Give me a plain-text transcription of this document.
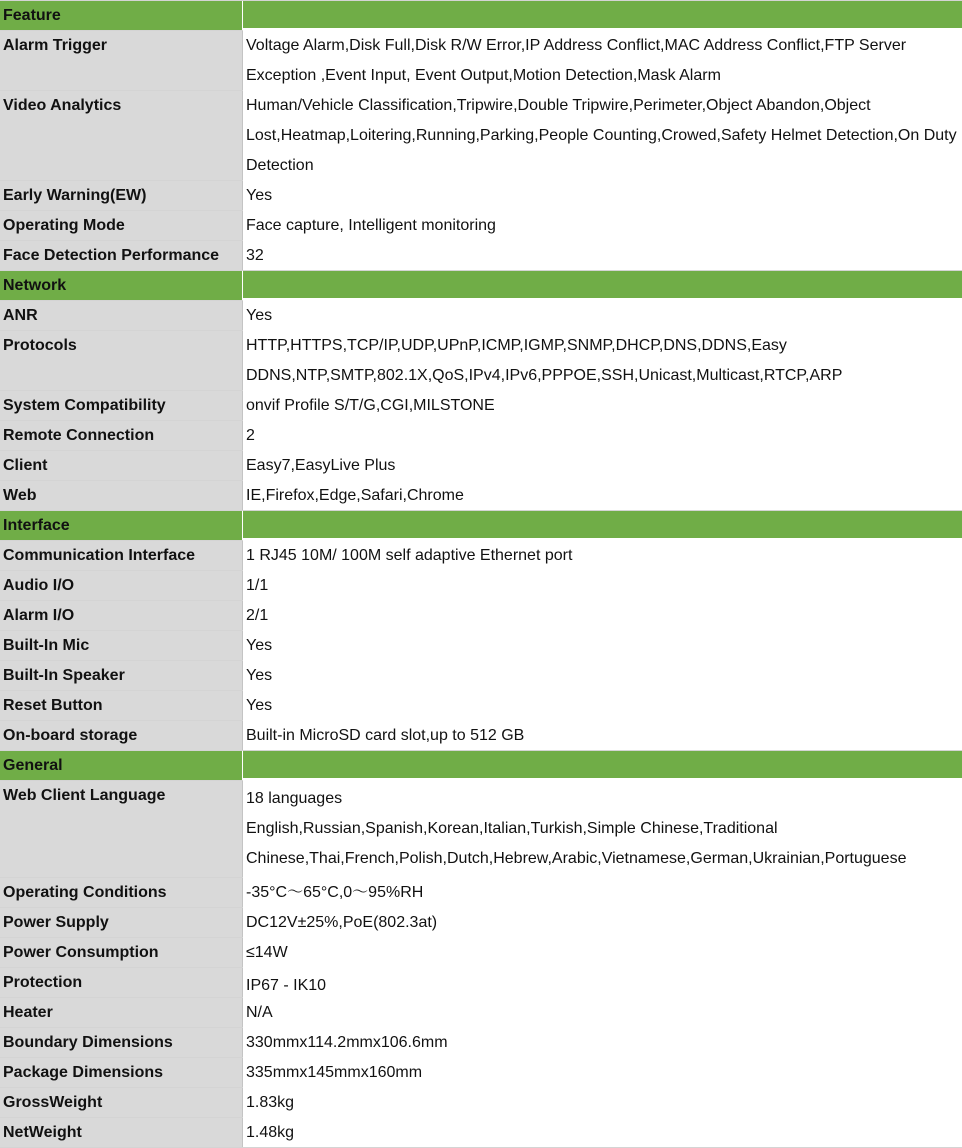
Feature
Alarm Trigger	Voltage Alarm,Disk Full,Disk R/W Error,IP Address Conflict,MAC Address Conflict,FTP Server Exception ,Event Input, Event Output,Motion Detection,Mask Alarm
Video Analytics	Human/Vehicle Classification,Tripwire,Double Tripwire,Perimeter,Object Abandon,Object Lost,Heatmap,Loitering,Running,Parking,People Counting,Crowed,Safety Helmet Detection,On Duty Detection
Early Warning(EW)	Yes
Operating Mode	Face capture, Intelligent monitoring
Face Detection Performance	32
Network
ANR	Yes
Protocols	HTTP,HTTPS,TCP/IP,UDP,UPnP,ICMP,IGMP,SNMP,DHCP,DNS,DDNS,Easy DDNS,NTP,SMTP,802.1X,QoS,IPv4,IPv6,PPPOE,SSH,Unicast,Multicast,RTCP,ARP
System Compatibility	onvif Profile S/T/G,CGI,MILSTONE
Remote Connection	2
Client	Easy7,EasyLive Plus
Web	IE,Firefox,Edge,Safari,Chrome
Interface
Communication Interface	1 RJ45 10M/ 100M self adaptive Ethernet port
Audio I/O	1/1
Alarm I/O	2/1
Built-In Mic	Yes
Built-In Speaker	Yes
Reset Button	Yes
On-board storage	Built-in MicroSD card slot,up to 512 GB
General
Web Client Language	18 languages
English,Russian,Spanish,Korean,Italian,Turkish,Simple Chinese,Traditional
Chinese,Thai,French,Polish,Dutch,Hebrew,Arabic,Vietnamese,German,Ukrainian,Portuguese
Operating Conditions	-35°C～65°C,0～95%RH
Power Supply	DC12V±25%,PoE(802.3at)
Power Consumption	≤14W
Protection	IP67 - IK10
Heater	N/A
Boundary Dimensions	330mmx114.2mmx106.6mm
Package Dimensions	335mmx145mmx160mm
GrossWeight	1.83kg
NetWeight	1.48kg
